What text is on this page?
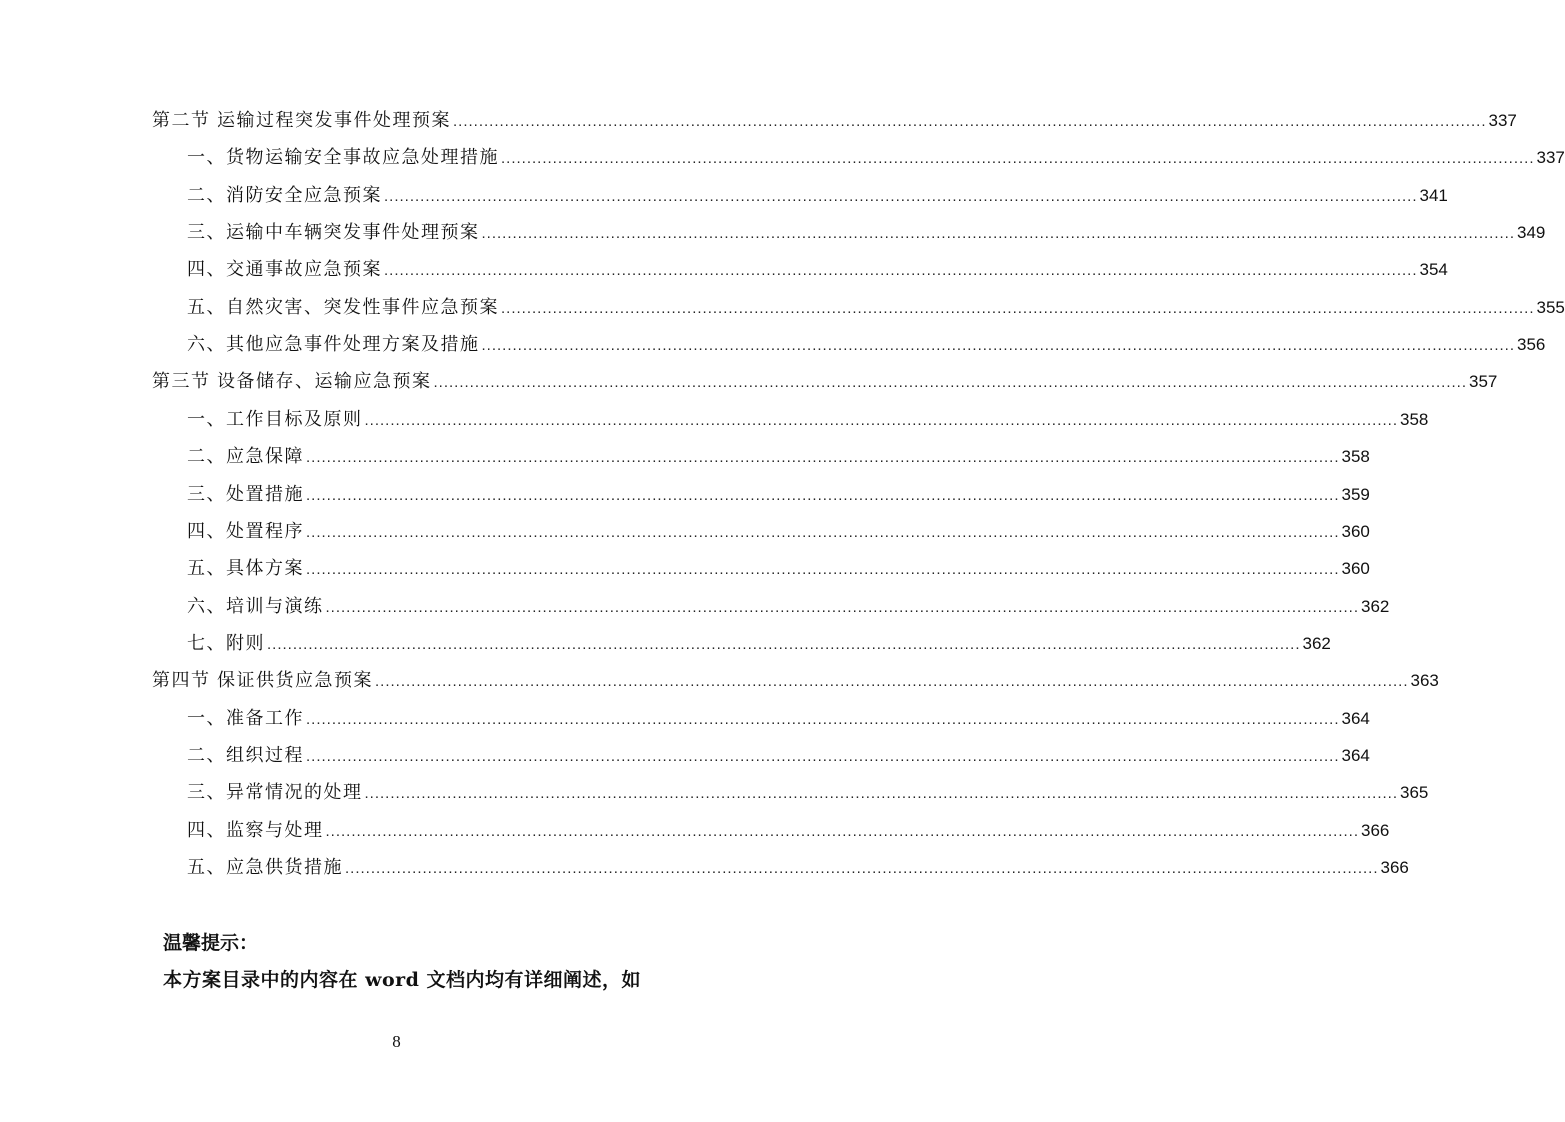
第二节 运输过程突发事件处理预案 ........................................................................................................................................................................................................ 337
一、货物运输安全事故应急处理措施 ........................................................................................................................................................................................................ 337
二、消防安全应急预案 ........................................................................................................................................................................................................ 341
三、运输中车辆突发事件处理预案 ........................................................................................................................................................................................................ 349
四、交通事故应急预案 ........................................................................................................................................................................................................ 354
五、自然灾害、突发性事件应急预案 ........................................................................................................................................................................................................ 355
六、其他应急事件处理方案及措施 ........................................................................................................................................................................................................ 356
第三节 设备储存、运输应急预案 ........................................................................................................................................................................................................ 357
一、工作目标及原则 ........................................................................................................................................................................................................ 358
二、应急保障 ........................................................................................................................................................................................................ 358
三、处置措施 ........................................................................................................................................................................................................ 359
四、处置程序 ........................................................................................................................................................................................................ 360
五、具体方案 ........................................................................................................................................................................................................ 360
六、培训与演练 ........................................................................................................................................................................................................ 362
七、附则 ........................................................................................................................................................................................................ 362
第四节 保证供货应急预案 ........................................................................................................................................................................................................ 363
一、准备工作 ........................................................................................................................................................................................................ 364
二、组织过程 ........................................................................................................................................................................................................ 364
三、异常情况的处理 ........................................................................................................................................................................................................ 365
四、监察与处理 ........................................................................................................................................................................................................ 366
五、应急供货措施 ........................................................................................................................................................................................................ 366
温馨提示：
本方案目录中的内容在 word 文档内均有详细阐述，如
8
